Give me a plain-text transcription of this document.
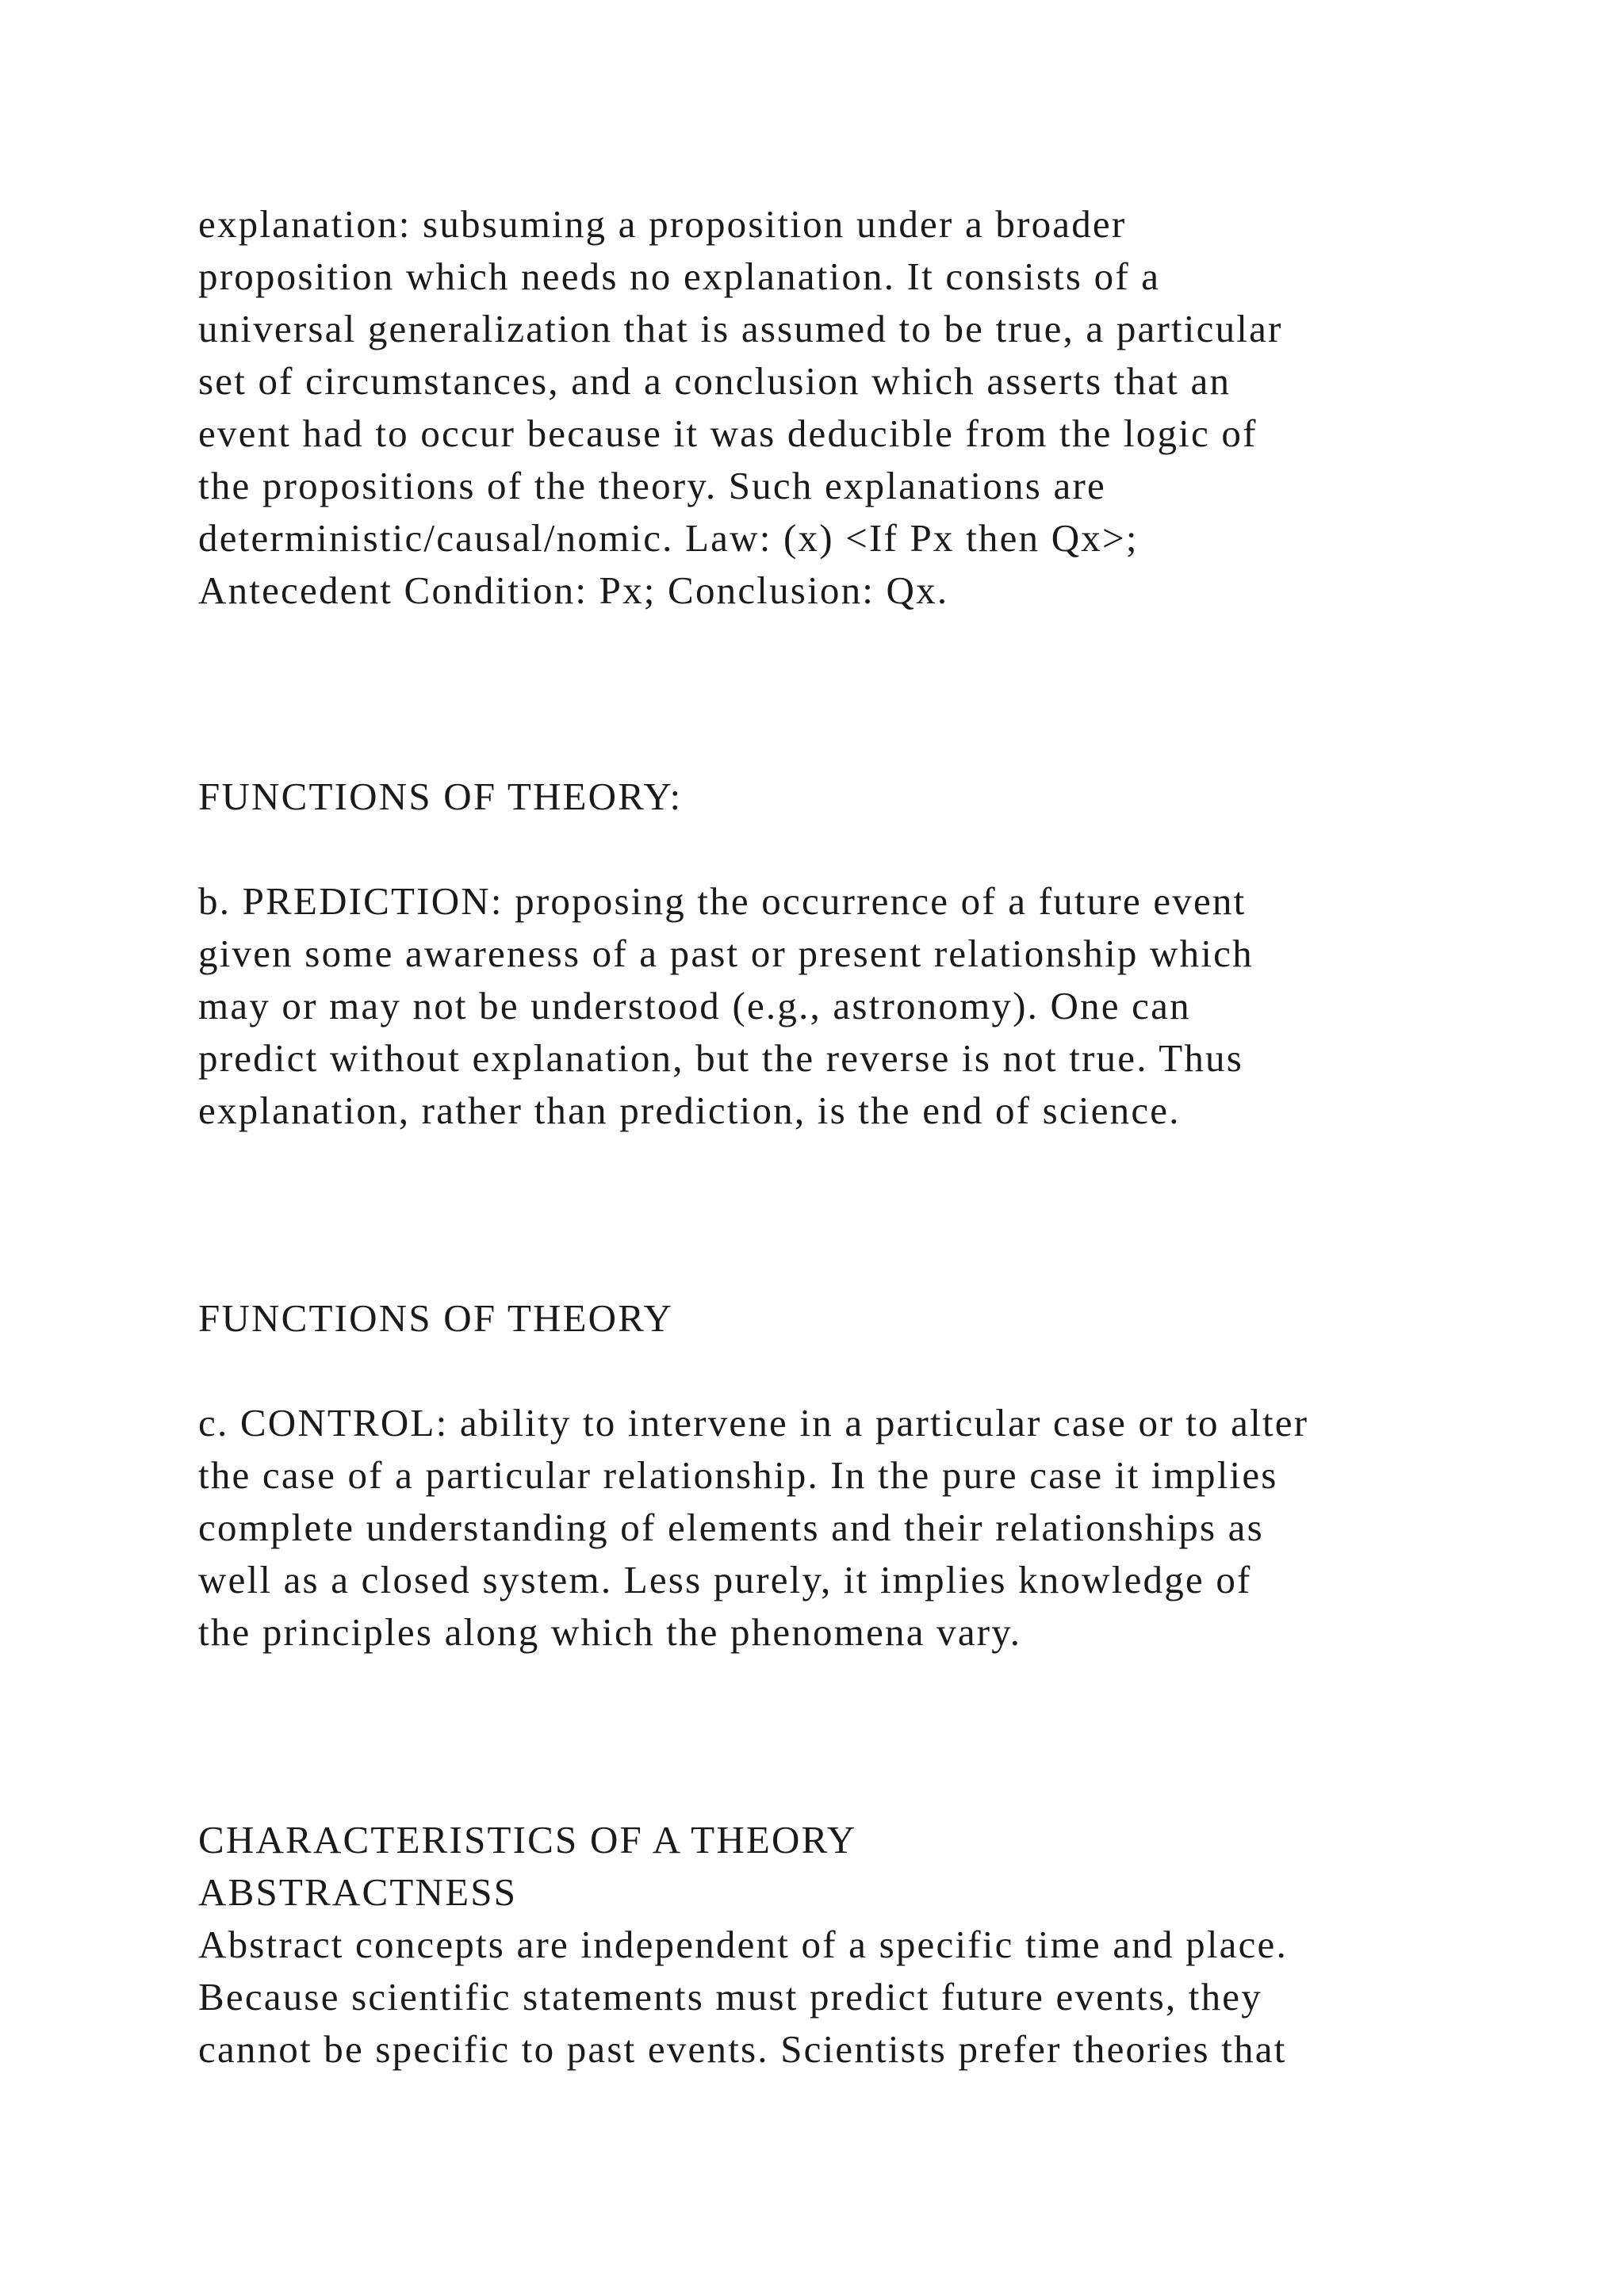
explanation: subsuming a proposition under a broader

proposition which needs no explanation. It consists of a

universal generalization that is assumed to be true, a particular

set of circumstances, and a conclusion which asserts that an

event had to occur because it was deducible from the logic of

the propositions of the theory. Such explanations are

deterministic/causal/nomic. Law: (x) <If Px then Qx>;

Antecedent Condition: Px; Conclusion: Qx.

FUNCTIONS OF THEORY:

b. PREDICTION: proposing the occurrence of a future event

given some awareness of a past or present relationship which

may or may not be understood (e.g., astronomy). One can

predict without explanation, but the reverse is not true. Thus

explanation, rather than prediction, is the end of science.

FUNCTIONS OF THEORY

c. CONTROL: ability to intervene in a particular case or to alter

the case of a particular relationship. In the pure case it implies

complete understanding of elements and their relationships as

well as a closed system. Less purely, it implies knowledge of

the principles along which the phenomena vary.

CHARACTERISTICS OF A THEORY

ABSTRACTNESS

Abstract concepts are independent of a specific time and place.

Because scientific statements must predict future events, they

cannot be specific to past events. Scientists prefer theories that
